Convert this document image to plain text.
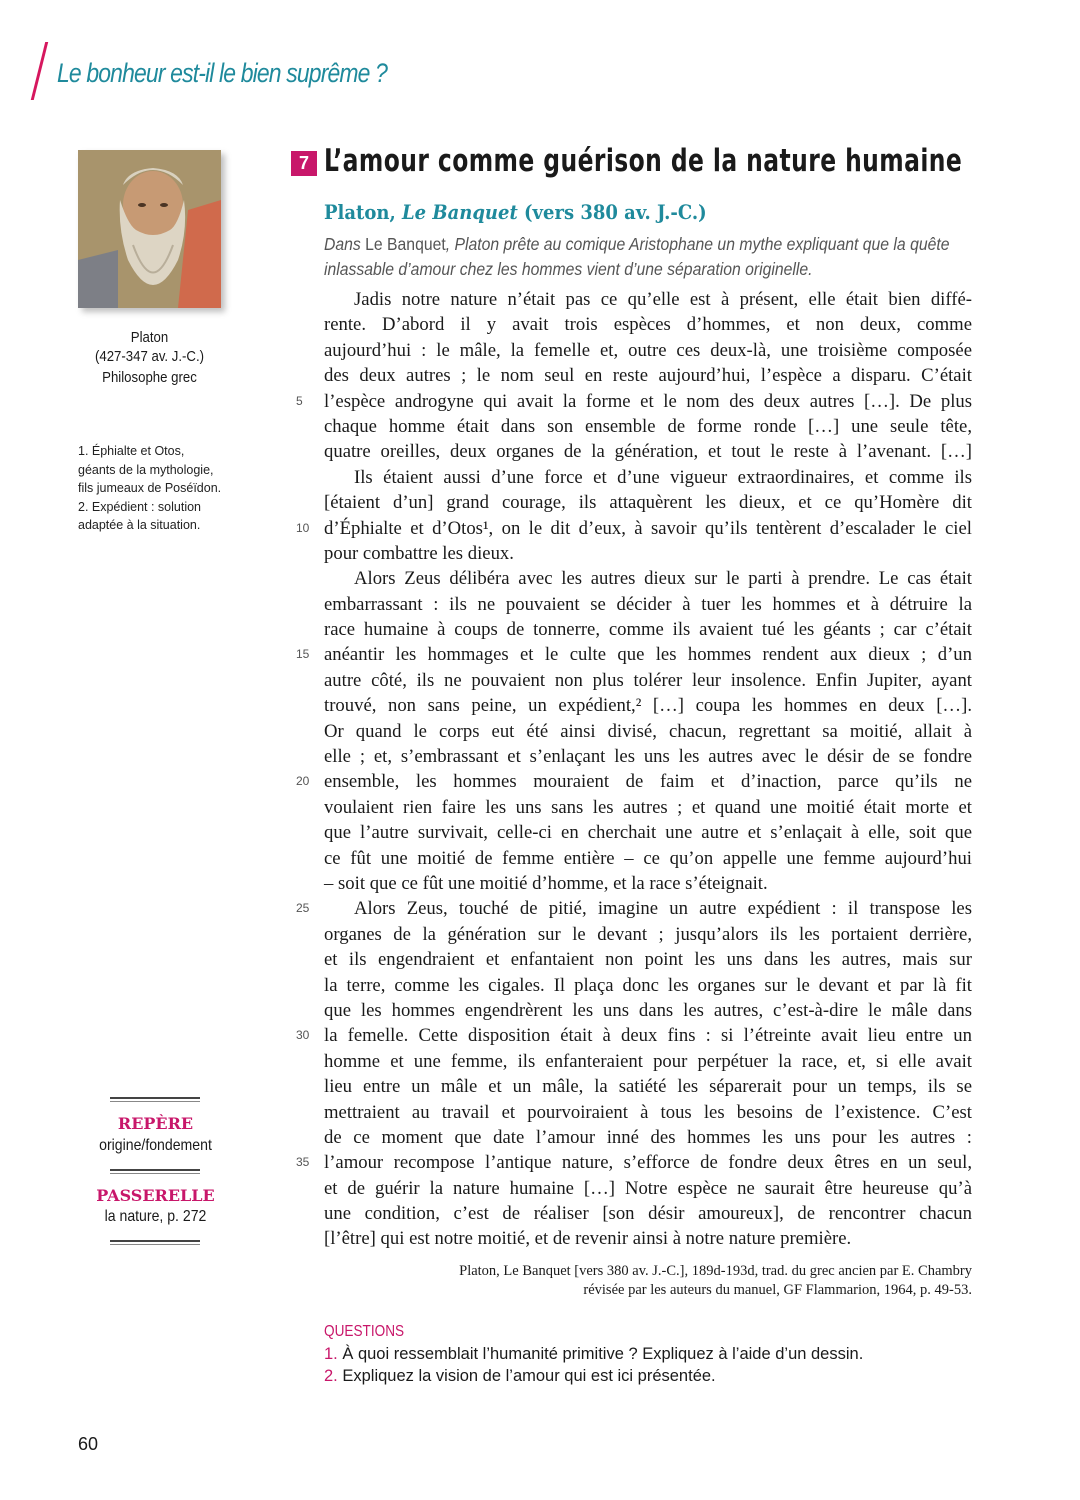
Le bonheur est-il le bien suprême ?
Platon
(427-347 av. J.-C.)
Philosophe grec
1. Éphialte et Otos,
géants de la mythologie,
fils jumeaux de Poséïdon.
2. Expédient : solution
adaptée à la situation.
REPÈRE
origine/fondement
PASSERELLE
la nature, p. 272
7 L’amour comme guérison de la nature humaine
Platon, Le Banquet (vers 380 av. J.-C.)
Dans Le Banquet, Platon prête au comique Aristophane un mythe expliquant que la quête inlassable d’amour chez les hommes vient d’une séparation originelle.
Jadis notre nature n’était pas ce qu’elle est à présent, elle était bien diffé-
rente. D’abord il y avait trois espèces d’hommes, et non deux, comme
aujourd’hui : le mâle, la femelle et, outre ces deux-là, une troisième composée
des deux autres ; le nom seul en reste aujourd’hui, l’espèce a disparu. C’était
5 l’espèce androgyne qui avait la forme et le nom des deux autres […]. De plus
chaque homme était dans son ensemble de forme ronde […] une seule tête,
quatre oreilles, deux organes de la génération, et tout le reste à l’avenant. […]
Ils étaient aussi d’une force et d’une vigueur extraordinaires, et comme ils
[étaient d’un] grand courage, ils attaquèrent les dieux, et ce qu’Homère dit
10 d’Éphialte et d’Otos¹, on le dit d’eux, à savoir qu’ils tentèrent d’escalader le ciel
pour combattre les dieux.
Alors Zeus délibéra avec les autres dieux sur le parti à prendre. Le cas était
embarrassant : ils ne pouvaient se décider à tuer les hommes et à détruire la
race humaine à coups de tonnerre, comme ils avaient tué les géants ; car c’était
15 anéantir les hommages et le culte que les hommes rendent aux dieux ; d’un
autre côté, ils ne pouvaient non plus tolérer leur insolence. Enfin Jupiter, ayant
trouvé, non sans peine, un expédient,² […] coupa les hommes en deux […].
Or quand le corps eut été ainsi divisé, chacun, regrettant sa moitié, allait à
elle ; et, s’embrassant et s’enlaçant les uns les autres avec le désir de se fondre
20 ensemble, les hommes mouraient de faim et d’inaction, parce qu’ils ne
voulaient rien faire les uns sans les autres ; et quand une moitié était morte et
que l’autre survivait, celle-ci en cherchait une autre et s’enlaçait à elle, soit que
ce fût une moitié de femme entière – ce qu’on appelle une femme aujourd’hui
– soit que ce fût une moitié d’homme, et la race s’éteignait.
25 Alors Zeus, touché de pitié, imagine un autre expédient : il transpose les
organes de la génération sur le devant ; jusqu’alors ils les portaient derrière,
et ils engendraient et enfantaient non point les uns dans les autres, mais sur
la terre, comme les cigales. Il plaça donc les organes sur le devant et par là fit
que les hommes engendrèrent les uns dans les autres, c’est-à-dire le mâle dans
30 la femelle. Cette disposition était à deux fins : si l’étreinte avait lieu entre un
homme et une femme, ils enfanteraient pour perpétuer la race, et, si elle avait
lieu entre un mâle et un mâle, la satiété les séparerait pour un temps, ils se
mettraient au travail et pourvoiraient à tous les besoins de l’existence. C’est
de ce moment que date l’amour inné des hommes les uns pour les autres :
35 l’amour recompose l’antique nature, s’efforce de fondre deux êtres en un seul,
et de guérir la nature humaine […] Notre espèce ne saurait être heureuse qu’à
une condition, c’est de réaliser [son désir amoureux], de rencontrer chacun
[l’être] qui est notre moitié, et de revenir ainsi à notre nature première.
Platon, Le Banquet [vers 380 av. J.-C.], 189d-193d, trad. du grec ancien par E. Chambry
révisée par les auteurs du manuel, GF Flammarion, 1964, p. 49-53.
QUESTIONS
1. À quoi ressemblait l’humanité primitive ? Expliquez à l’aide d’un dessin.
2. Expliquez la vision de l’amour qui est ici présentée.
60
